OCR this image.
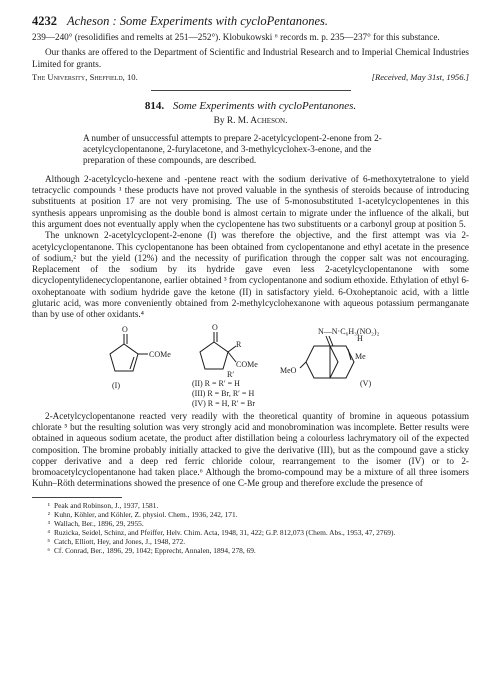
4232 Acheson : Some Experiments with cycloPentanones.

239—240° (resolidifies and remelts at 251—252°). Klobukowski ⁶ records m. p. 235—237° for this substance.

Our thanks are offered to the Department of Scientific and Industrial Research and to Imperial Chemical Industries Limited for grants.

The University, Sheffield, 10.	[Received, May 31st, 1956.]
814. Some Experiments with cycloPentanones.
By R. M. Acheson.

A number of unsuccessful attempts to prepare 2-acetylcyclopent-2-enone from 2-acetylcyclopentanone, 2-furylacetone, and 3-methylcyclohex-3-enone, and the preparation of these compounds, are described.

Although 2-acetylcyclo-hexene and -pentene react with the sodium derivative of 6-methoxytetralone to yield tetracyclic compounds ¹ these products have not proved valuable in the synthesis of steroids because of introducing substituents at position 17 are not very promising. The use of 5-monosubstituted 1-acetylcyclopentenes in this synthesis appears unpromising as the double bond is almost certain to migrate under the influence of the alkali, but this argument does not eventually apply when the cyclopentene has two substituents or a carbonyl group at position 5.

The unknown 2-acetylcyclopent-2-enone (I) was therefore the objective, and the first attempt was via 2-acetylcyclopentanone. This cyclopentanone has been obtained from cyclopentanone and ethyl acetate in the presence of sodium,² but the yield (12%) and the necessity of purification through the copper salt was not encouraging. Replacement of the sodium by its hydride gave even less 2-acetylcyclopentanone with some dicyclopentylidenecyclopentanone, earlier obtained ³ from cyclopentanone and sodium ethoxide. Ethylation of ethyl 6-oxoheptanoate with sodium hydride gave the ketone (II) in satisfactory yield. 6-Oxoheptanoic acid, with a little glutaric acid, was more conveniently obtained from 2-methylcyclohexanone with aqueous potassium permanganate than by use of other oxidants.⁴

O
COMe
(I)
O
R
COMe
R′
(II) R = R′ = H
(III) R = Br, R′ = H
(IV) R = H, R′ = Br
N—N·C₆H₃(NO₂)₂
H
MeO
Me
(V)

2-Acetylcyclopentanone reacted very readily with the theoretical quantity of bromine in aqueous potassium chlorate ⁵ but the resulting solution was very strongly acid and monobromination was incomplete. Better results were obtained in aqueous sodium acetate, the product after distillation being a colourless lachrymatory oil of the expected composition. The bromine probably initially attacked to give the derivative (III), but as the compound gave a sticky copper derivative and a deep red ferric chloride colour, rearrangement to the isomer (IV) or to 2-bromoacetylcyclopentanone had taken place.⁶ Although the bromo-compound may be a mixture of all three isomers Kuhn–Röth determinations showed the presence of one C-Me group and therefore exclude the presence of

¹ Peak and Robinson, J., 1937, 1581.
² Kuhn, Köhler, and Köhler, Z. physiol. Chem., 1936, 242, 171.
³ Wallach, Ber., 1896, 29, 2955.
⁴ Ruzicka, Seidel, Schinz, and Pfeiffer, Helv. Chim. Acta, 1948, 31, 422; G.P. 812,073 (Chem. Abs., 1953, 47, 2769).
⁵ Catch, Elliott, Hey, and Jones, J., 1948, 272.
⁶ Cf. Conrad, Ber., 1896, 29, 1042; Epprecht, Annalen, 1894, 278, 69.
